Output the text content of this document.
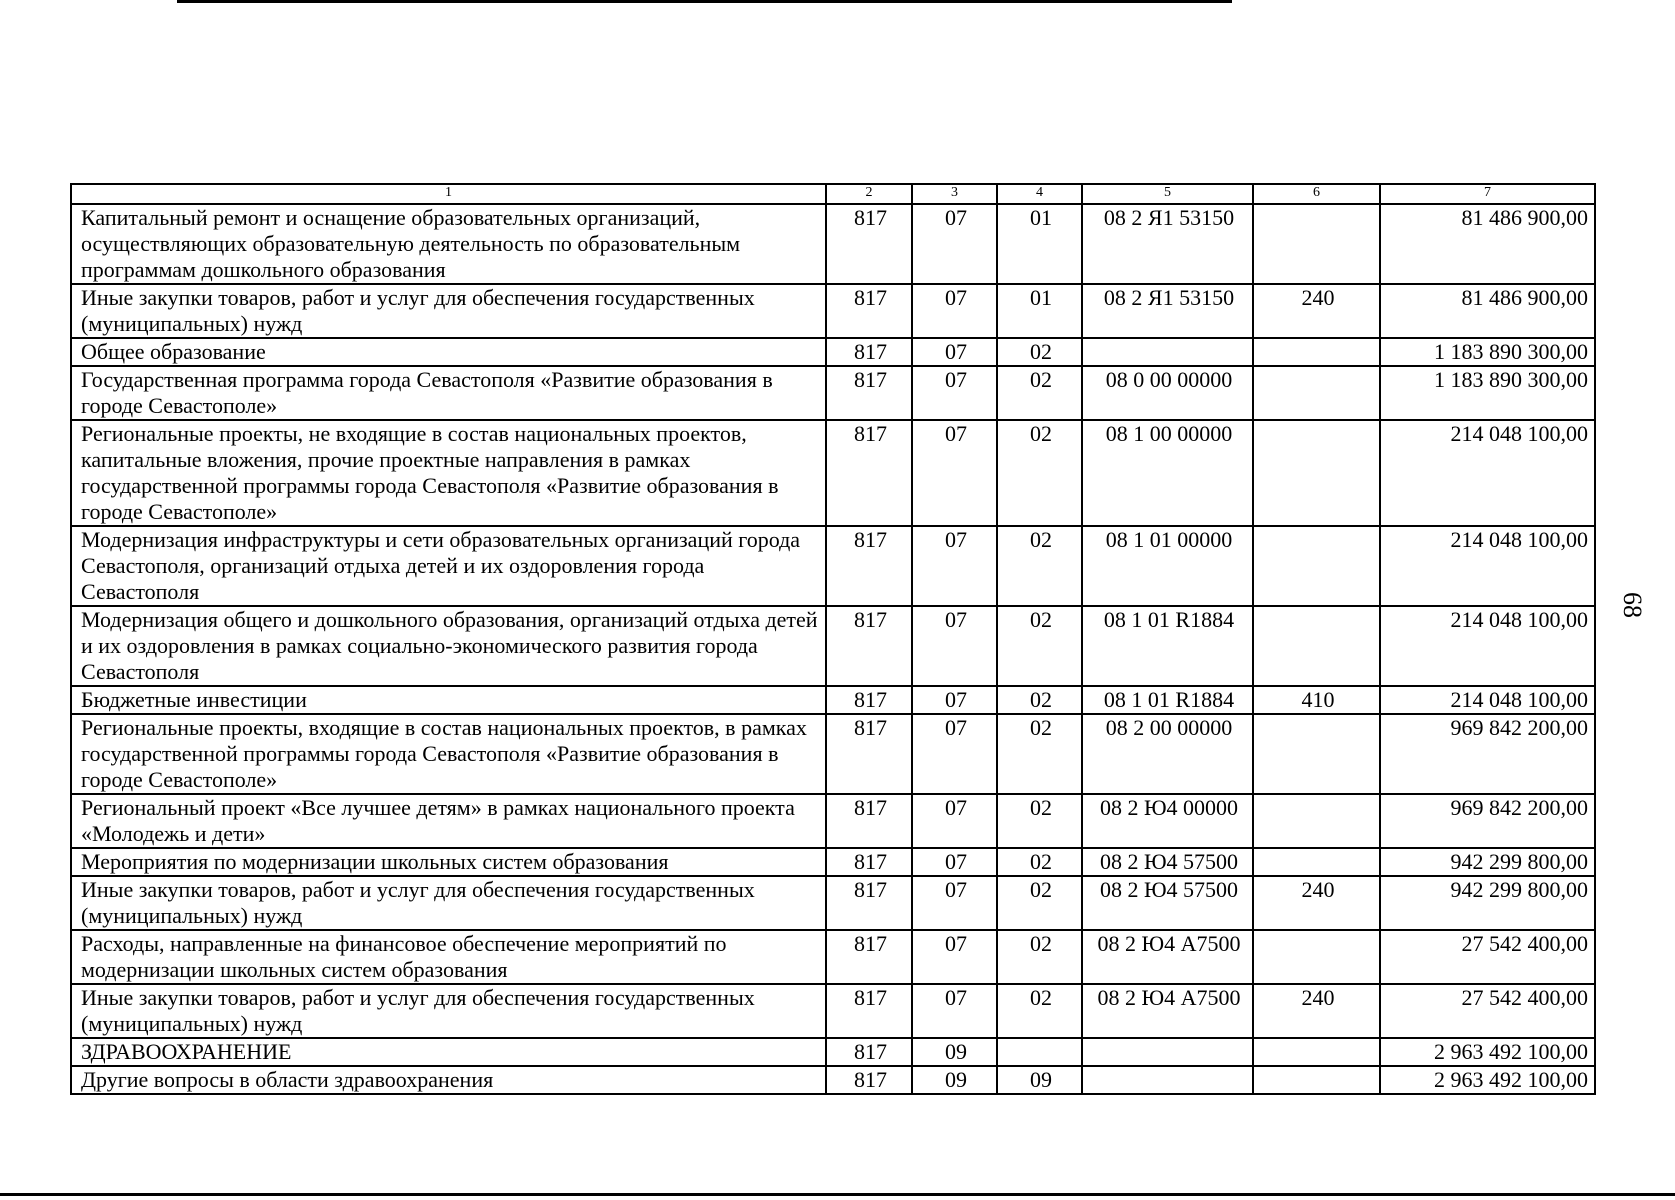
68
1	2	3	4	5	6	7
Капитальный ремонт и оснащение образовательных организаций, осуществляющих образовательную деятельность по образовательным программам дошкольного образования	817	07	01	08 2 Я1 53150		81 486 900,00
Иные закупки товаров, работ и услуг для обеспечения государственных (муниципальных) нужд	817	07	01	08 2 Я1 53150	240	81 486 900,00
Общее образование	817	07	02			1 183 890 300,00
Государственная программа города Севастополя «Развитие образования в городе Севастополе»	817	07	02	08 0 00 00000		1 183 890 300,00
Региональные проекты, не входящие в состав национальных проектов, капитальные вложения, прочие проектные направления в рамках государственной программы города Севастополя «Развитие образования в городе Севастополе»	817	07	02	08 1 00 00000		214 048 100,00
Модернизация инфраструктуры и сети образовательных организаций города Севастополя, организаций отдыха детей и их оздоровления города Севастополя	817	07	02	08 1 01 00000		214 048 100,00
Модернизация общего и дошкольного образования, организаций отдыха детей и их оздоровления в рамках социально-экономического развития города Севастополя	817	07	02	08 1 01 R1884		214 048 100,00
Бюджетные инвестиции	817	07	02	08 1 01 R1884	410	214 048 100,00
Региональные проекты, входящие в состав национальных проектов, в рамках государственной программы города Севастополя «Развитие образования в городе Севастополе»	817	07	02	08 2 00 00000		969 842 200,00
Региональный проект «Все лучшее детям» в рамках национального проекта «Молодежь и дети»	817	07	02	08 2 Ю4 00000		969 842 200,00
Мероприятия по модернизации школьных систем образования	817	07	02	08 2 Ю4 57500		942 299 800,00
Иные закупки товаров, работ и услуг для обеспечения государственных (муниципальных) нужд	817	07	02	08 2 Ю4 57500	240	942 299 800,00
Расходы, направленные на финансовое обеспечение мероприятий по модернизации школьных систем образования	817	07	02	08 2 Ю4 А7500		27 542 400,00
Иные закупки товаров, работ и услуг для обеспечения государственных (муниципальных) нужд	817	07	02	08 2 Ю4 А7500	240	27 542 400,00
ЗДРАВООХРАНЕНИЕ	817	09				2 963 492 100,00
Другие вопросы в области здравоохранения	817	09	09			2 963 492 100,00
